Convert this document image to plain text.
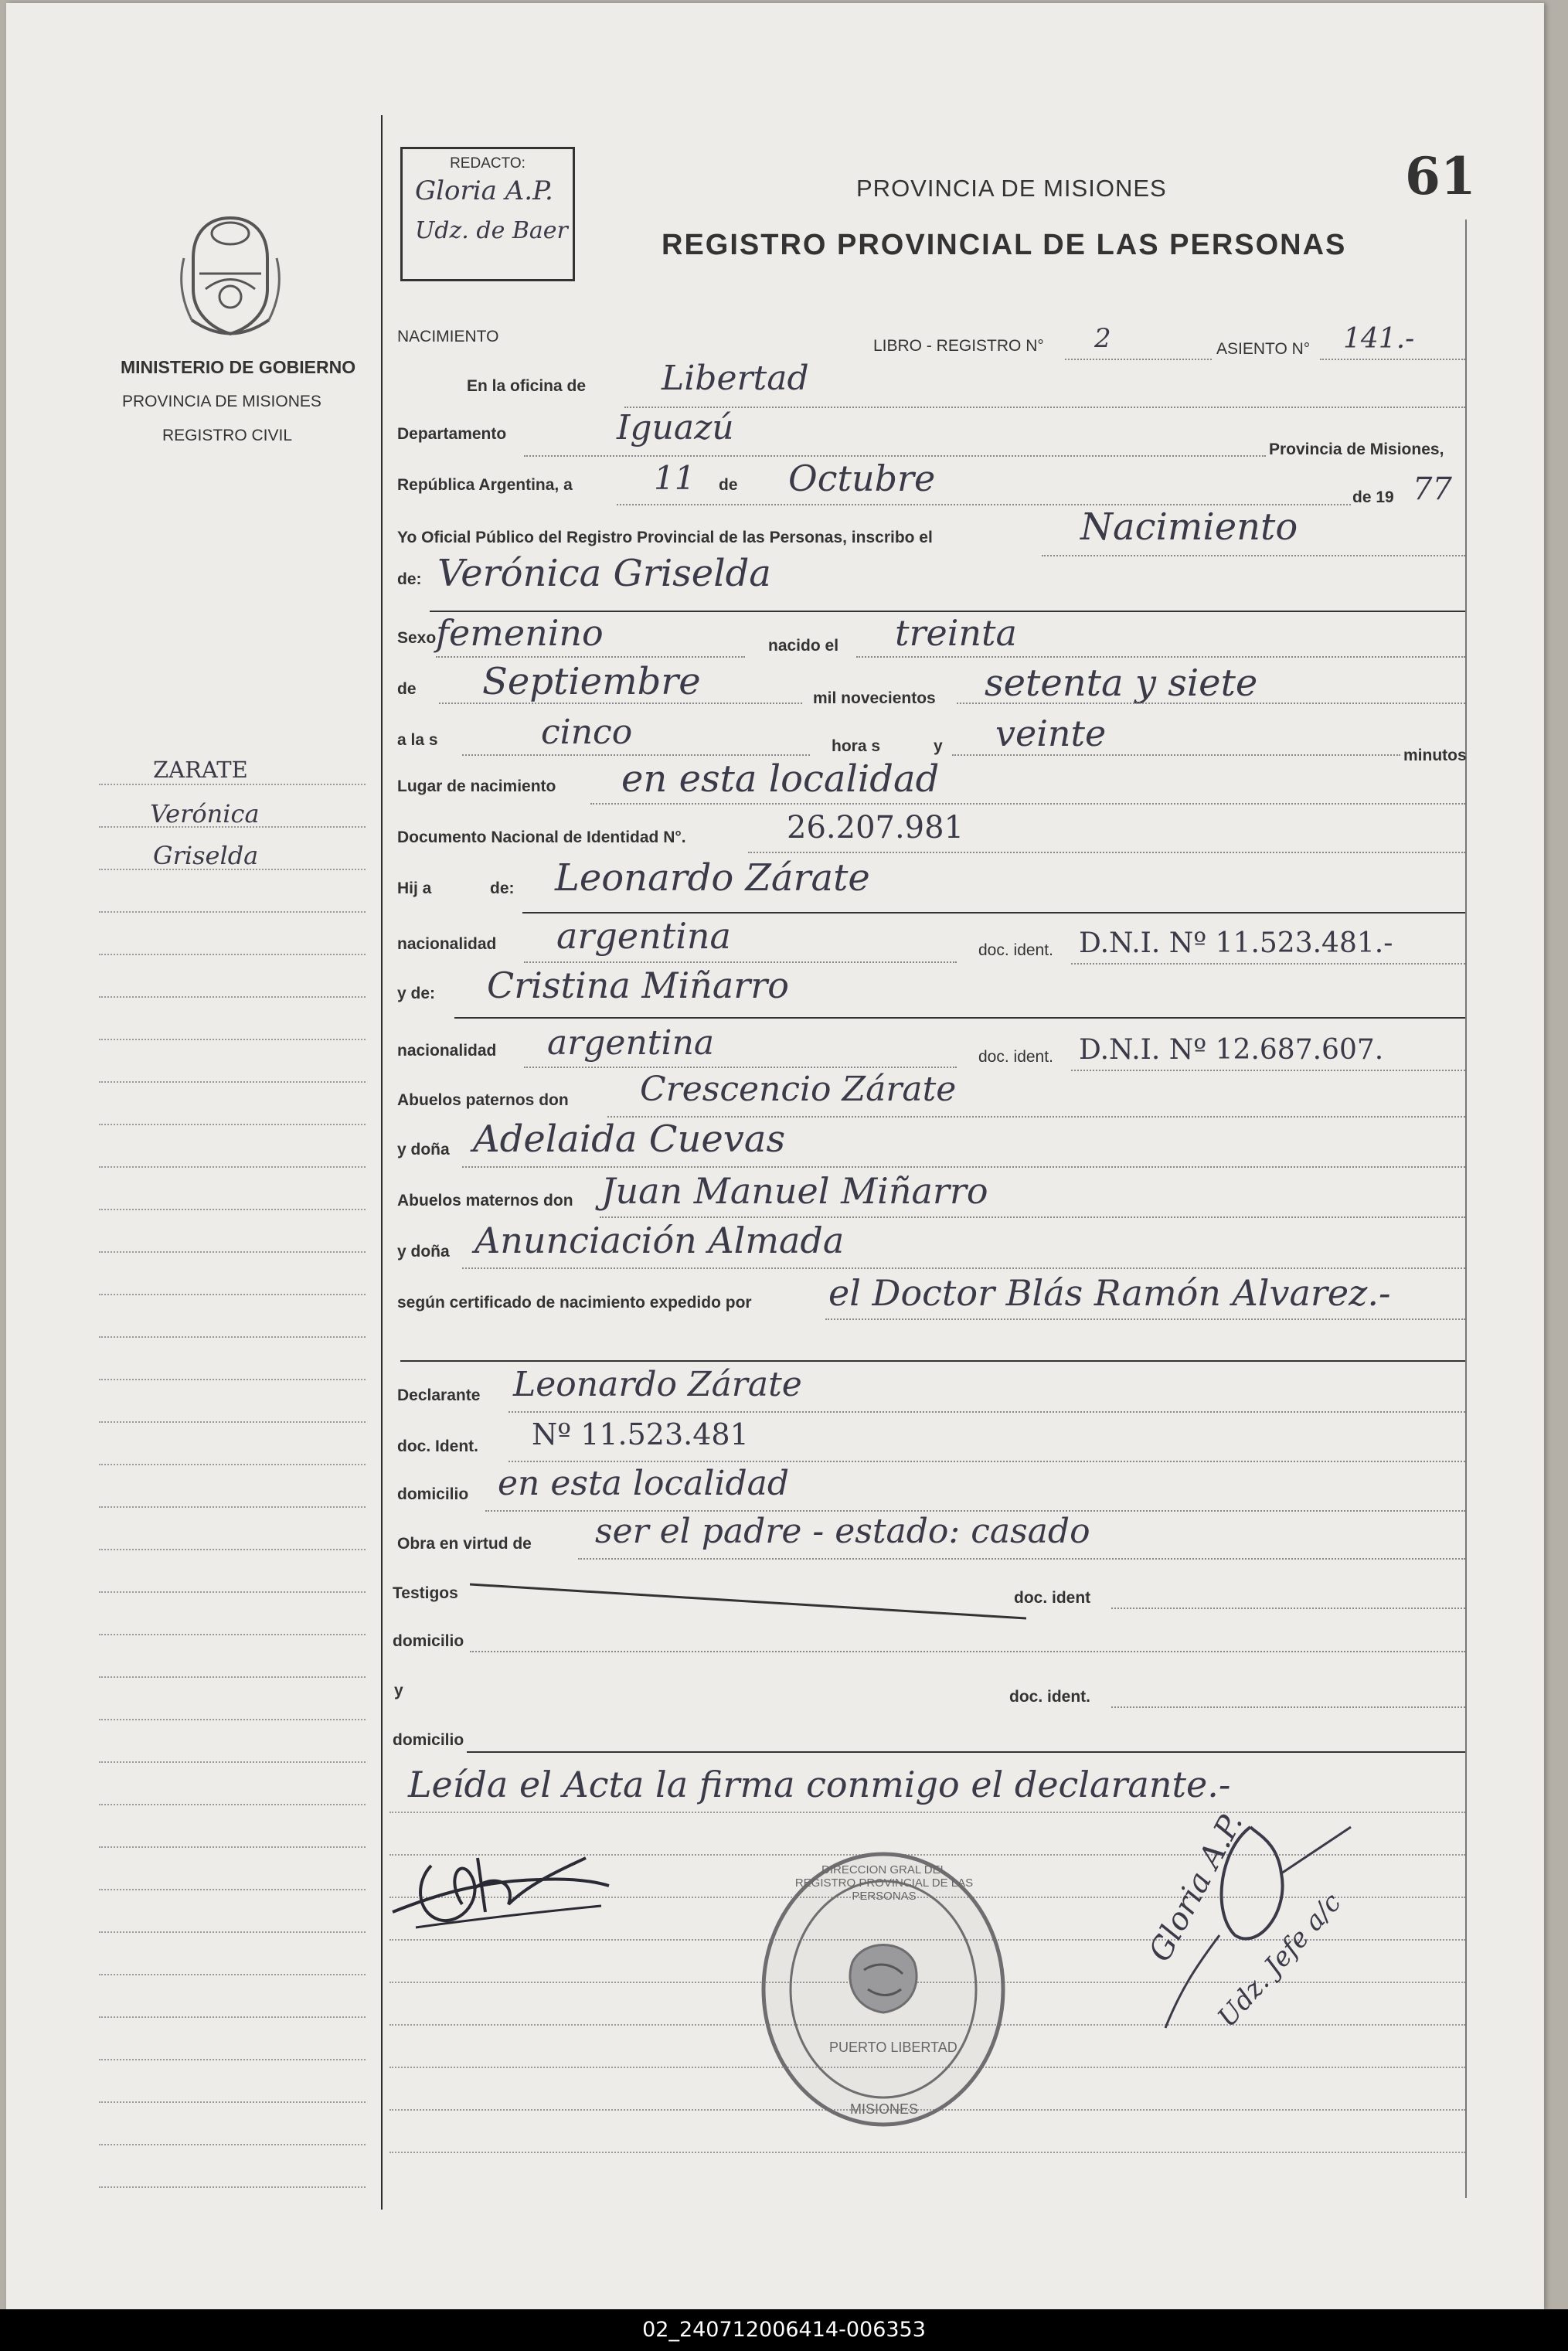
REDACTO:
Gloria A.P.
Udz. de Baer
PROVINCIA DE MISIONES
REGISTRO PROVINCIAL DE LAS PERSONAS
61
MINISTERIO DE GOBIERNO
PROVINCIA DE MISIONES
REGISTRO CIVIL
ZARATE
Verónica
Griselda
NACIMIENTO
LIBRO - REGISTRO N° 2	ASIENTO N° 141.-
En la oficina de Libertad
Departamento	Iguazú
Provincia de Misiones,
República Argentina, a	11 de Octubre	de 19 77
Yo Oficial Público del Registro Provincial de las Personas, inscribo el	Nacimiento
de: Verónica Griselda
Sexo femenino	nacido el treinta
de Septiembre	mil novecientos setenta y siete
a la s	cinco	hora s	y veinte
minutos
Lugar de nacimiento en esta localidad
Documento Nacional de Identidad N°.	26.207.981
Hij a	de: Leonardo Zárate
nacionalidad argentina	doc. ident. D.N.I. Nº 11.523.481.-
y de: Cristina Miñarro
nacionalidad argentina	doc. ident. D.N.I. Nº 12.687.607.
Abuelos paternos don Crescencio Zárate
y doña Adelaida Cuevas
Abuelos maternos don Juan Manuel Miñarro
y doña Anunciación Almada
según certificado de nacimiento expedido por el Doctor Blás Ramón Alvarez.-
Declarante Leonardo Zárate
doc. Ident. Nº 11.523.481
domicilio en esta localidad
Obra en virtud de ser el padre - estado: casado
Testigos	doc. ident
domicilio
y	doc. ident.
domicilio
Leída el Acta la firma conmigo el declarante.-
DIRECCION GRAL DEL REGISTRO PROVINCIAL DE LAS PERSONAS
PUERTO LIBERTAD
MISIONES
Gloria A.P.
Udz. Jefe a/c
02_240712006414-006353
